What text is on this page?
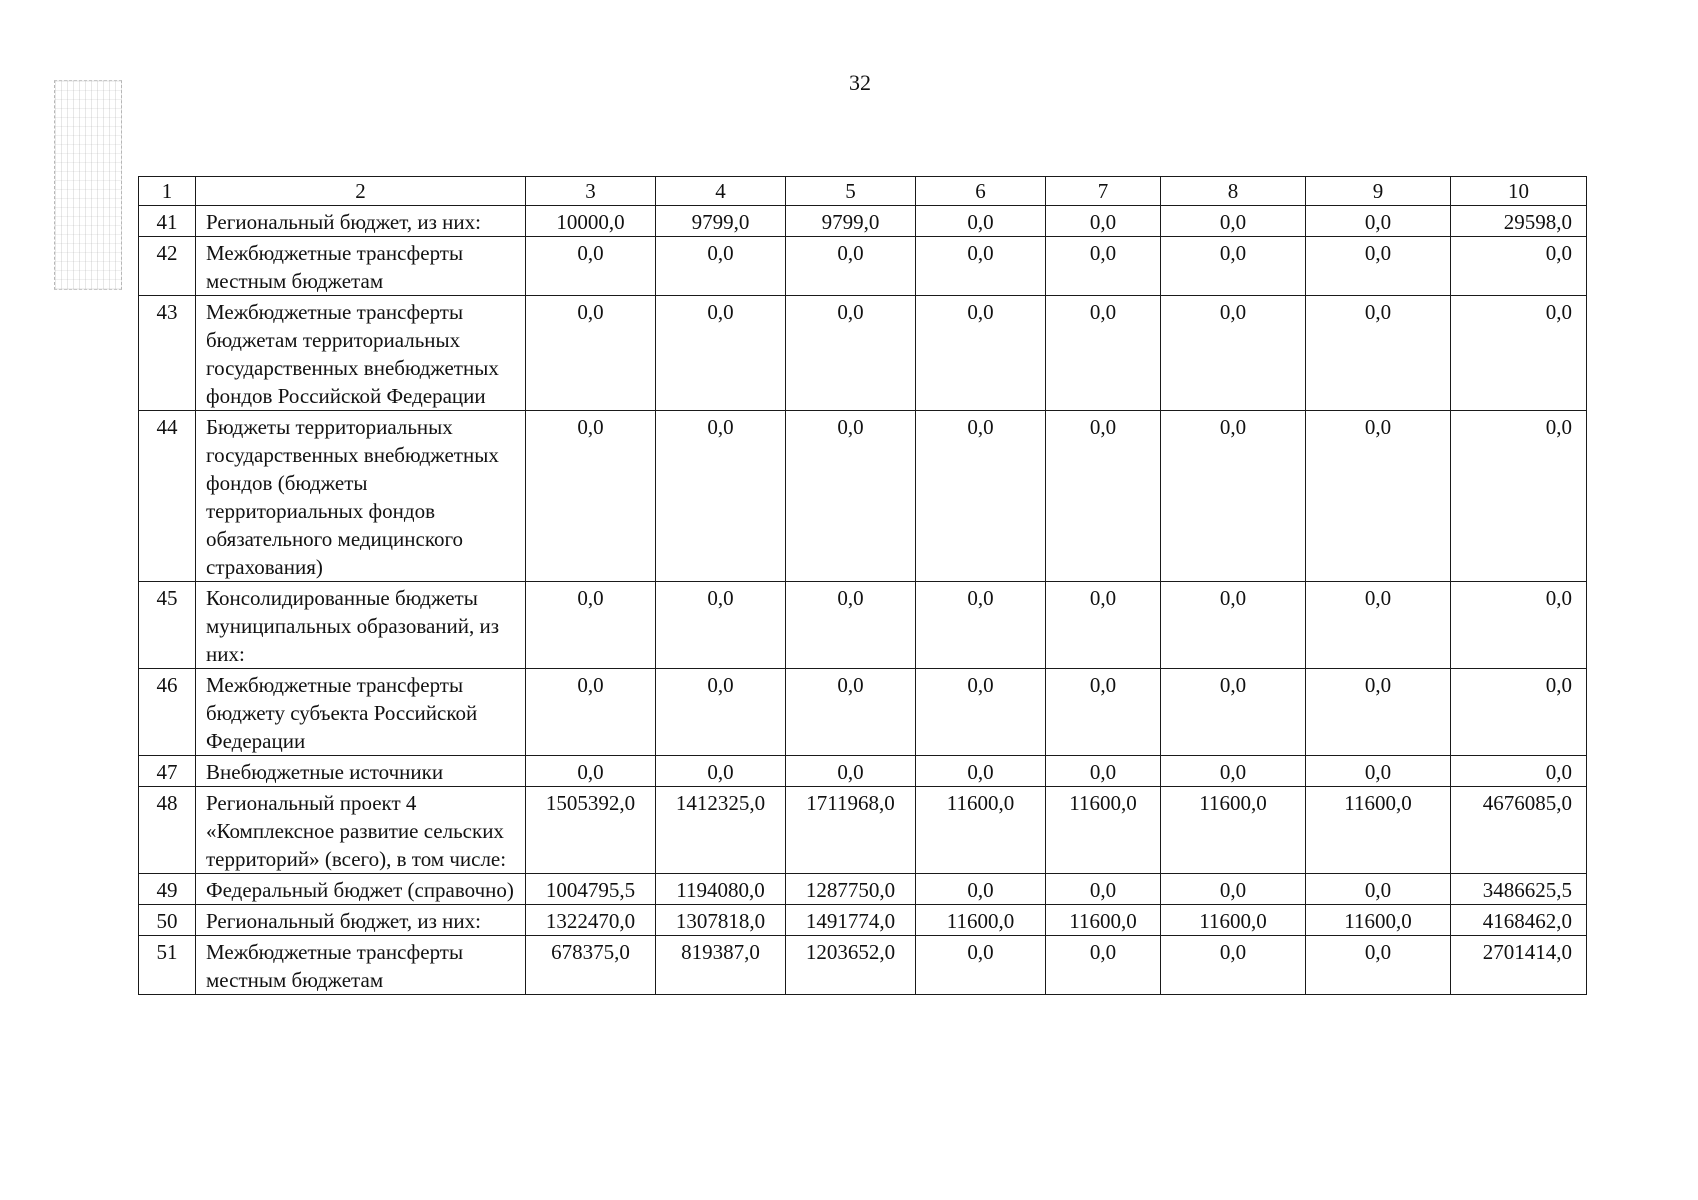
32
1	2	3	4	5	6	7	8	9	10
41	Региональный бюджет, из них:	10000,0	9799,0	9799,0	0,0	0,0	0,0	0,0	29598,0
42	Межбюджетные трансферты местным бюджетам	0,0	0,0	0,0	0,0	0,0	0,0	0,0	0,0
43	Межбюджетные трансферты бюджетам территориальных государственных внебюджетных фондов Российской Федерации	0,0	0,0	0,0	0,0	0,0	0,0	0,0	0,0
44	Бюджеты территориальных государственных внебюджетных фондов (бюджеты территориальных фондов обязательного медицинского страхования)	0,0	0,0	0,0	0,0	0,0	0,0	0,0	0,0
45	Консолидированные бюджеты муниципальных образований, из них:	0,0	0,0	0,0	0,0	0,0	0,0	0,0	0,0
46	Межбюджетные трансферты бюджету субъекта Российской Федерации	0,0	0,0	0,0	0,0	0,0	0,0	0,0	0,0
47	Внебюджетные источники	0,0	0,0	0,0	0,0	0,0	0,0	0,0	0,0
48	Региональный проект 4 «Комплексное развитие сельских территорий» (всего), в том числе:	1505392,0	1412325,0	1711968,0	11600,0	11600,0	11600,0	11600,0	4676085,0
49	Федеральный бюджет (справочно)	1004795,5	1194080,0	1287750,0	0,0	0,0	0,0	0,0	3486625,5
50	Региональный бюджет, из них:	1322470,0	1307818,0	1491774,0	11600,0	11600,0	11600,0	11600,0	4168462,0
51	Межбюджетные трансферты местным бюджетам	678375,0	819387,0	1203652,0	0,0	0,0	0,0	0,0	2701414,0
